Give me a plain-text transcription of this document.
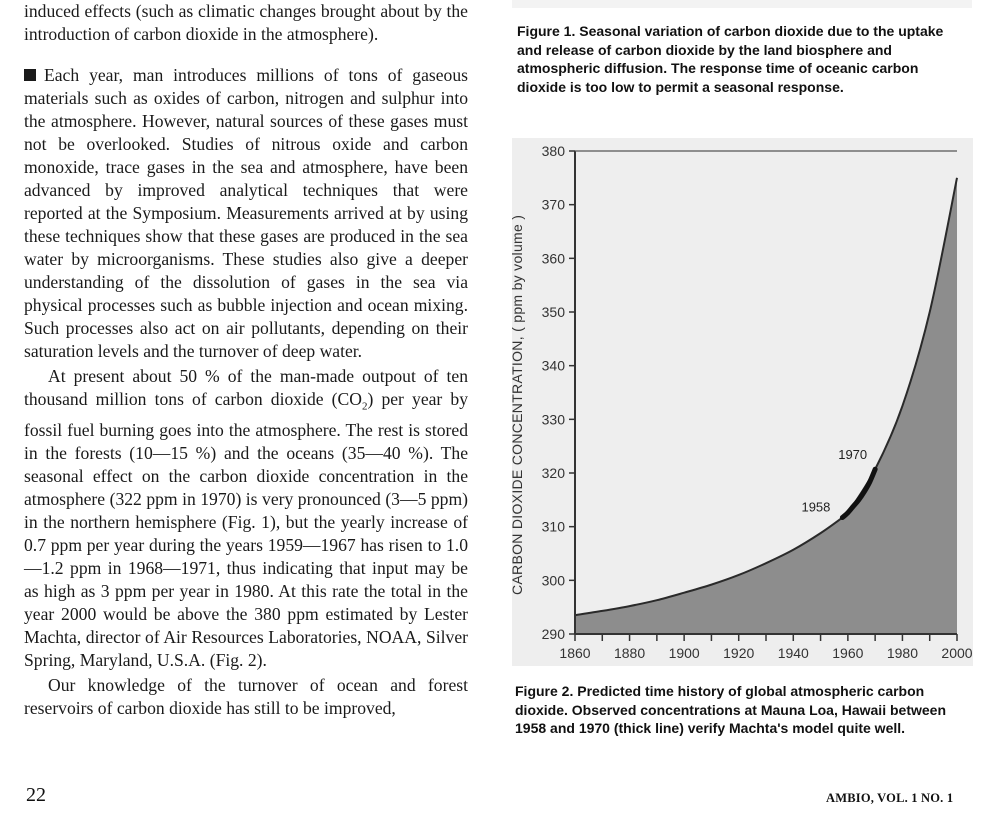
induced effects (such as climatic changes brought about by the introduction of carbon dioxide in the atmosphere).

Each year, man introduces millions of tons of gaseous materials such as oxides of carbon, nitrogen and sulphur into the atmosphere. However, natural sources of these gases must not be overlooked. Studies of nitrous oxide and carbon monoxide, trace gases in the sea and atmosphere, have been advanced by improved analytical techniques that were reported at the Symposium. Measurements arrived at by using these techniques show that these gases are produced in the sea water by microorganisms. These studies also give a deeper understanding of the dissolution of gases in the sea via physical processes such as bubble injection and ocean mixing. Such processes also act on air pollutants, depending on their saturation levels and the turnover of deep water.

At present about 50 % of the man-made outpout of ten thousand million tons of carbon dioxide $(CO_2)$ per year by fossil fuel burning goes into the atmosphere. The rest is stored in the forests (10—15 %) and the oceans (35—40 %). The seasonal effect on the carbon dioxide concentration in the atmosphere (322 ppm in 1970) is very pronounced (3—5 ppm) in the northern hemisphere (Fig. 1), but the yearly increase of 0.7 ppm per year during the years 1959—1967 has risen to 1.0—1.2 ppm in 1968—1971, thus indicating that input may be as high as 3 ppm per year in 1980. At this rate the total in the year 2000 would be above the 380 ppm estimated by Lester Machta, director of Air Resources Laboratories, NOAA, Silver Spring, Maryland, U.S.A. (Fig. 2).

Our knowledge of the turnover of ocean and forest reservoirs of carbon dioxide has still to be improved,

Figure 1. Seasonal variation of carbon dioxide due to the uptake and release of carbon dioxide by the land biosphere and atmospheric diffusion. The response time of oceanic carbon dioxide is too low to permit a seasonal response.
290
300
310
320
330
340
350
360
370
380
1860 1880 1900 1920 1940 1960 1980 2000
1958
1970
CARBON DIOXIDE CONCENTRATION, ( ppm by volume )
Figure 2. Predicted time history of global atmospheric carbon dioxide. Observed concentrations at Mauna Loa, Hawaii between 1958 and 1970 (thick line) verify Machta's model quite well.
22	AMBIO, VOL. 1 NO. 1
